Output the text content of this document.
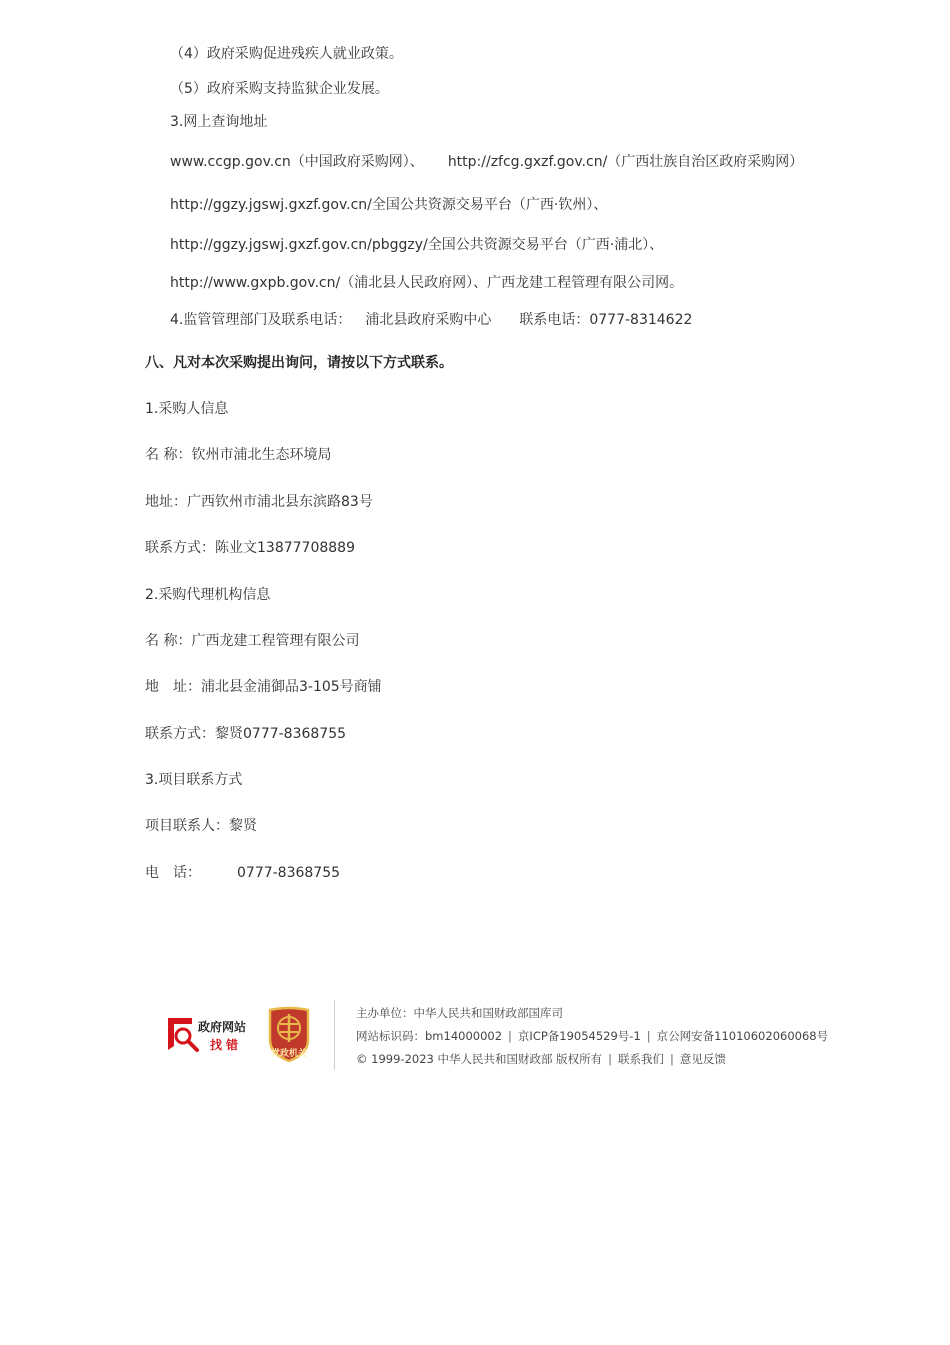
（4）政府采购促进残疾人就业政策。
（5）政府采购支持监狱企业发展。
3.网上查询地址
www.ccgp.gov.cn（中国政府采购网）、 http://zfcg.gxzf.gov.cn/（广西壮族自治区政府采购网）
http://ggzy.jgswj.gxzf.gov.cn/全国公共资源交易平台（广西·钦州）、
http://ggzy.jgswj.gxzf.gov.cn/pbggzy/全国公共资源交易平台（广西·浦北）、
http://www.gxpb.gov.cn/（浦北县人民政府网）、广西龙建工程管理有限公司网。
4.监管管理部门及联系电话： 浦北县政府采购中心 联系电话：0777-8314622
八、凡对本次采购提出询问，请按以下方式联系。
1.采购人信息
名 称：钦州市浦北生态环境局
地址：广西钦州市浦北县东滨路83号
联系方式：陈业文13877708889
2.采购代理机构信息
名 称：广西龙建工程管理有限公司
地　址：浦北县金浦御品3-105号商铺
联系方式：黎贤0777-8368755
3.项目联系方式
项目联系人：黎贤
电　话：	0777-8368755
政府网站
找错
党政机关
主办单位：中华人民共和国财政部国库司
网站标识码：bm14000002 | 京ICP备19054529号-1 | 京公网安备11010602060068号
© 1999-2023 中华人民共和国财政部 版权所有 | 联系我们 | 意见反馈
